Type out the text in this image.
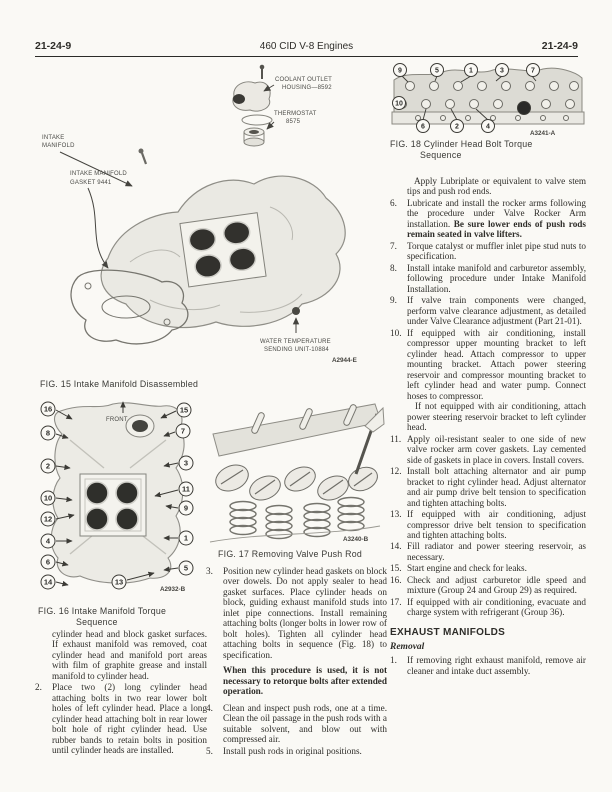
21-24-9	460 CID V-8 Engines	21-24-9
COOLANT OUTLET
HOUSING—8592
THERMOSTAT
8575
INTAKE
MANIFOLD
INTAKE MANIFOLD
GASKET 9441
WATER TEMPERATURE
SENDING UNIT-10884
A2944-E
FIG. 15 Intake Manifold Disassembled
FRONT
16
8
2
10
12
4
6
14
15
7
3
11
9
1
5
13
A2932-B
FIG. 16 Intake Manifold Torque
Sequence
A3240-B
FIG. 17 Removing Valve Push Rod
9	5	1	3	7
10
6	2	4
8
A3241-A
FIG. 18 Cylinder Head Bolt Torque
Sequence
cylinder head and block gasket surfaces. If exhaust manifold was removed, coat cylinder head and manifold port areas with film of graphite grease and install manifold to cylinder head.
2.	Place two (2) long cylinder head attaching bolts in two rear lower bolt holes of left cylinder head. Place a long cylinder head attaching bolt in rear lower bolt hole of right cylinder head. Use rubber bands to retain bolts in position until cylinder heads are installed.
3.	Position new cylinder head gaskets on block over dowels. Do not apply sealer to head gasket surfaces. Place cylinder heads on block, guiding exhaust manifold studs into inlet pipe connections. Install remaining attaching bolts (longer bolts in lower row of bolt holes). Tighten all cylinder head attaching bolts in sequence (Fig. 18) to specification.
When this procedure is used, it is not necessary to retorque bolts after extended operation.
4.	Clean and inspect push rods, one at a time. Clean the oil passage in the push rods with a suitable solvent, and blow out with compressed air.
5.	Install push rods in original positions.
Apply Lubriplate or equivalent to valve stem tips and push rod ends.
6.	Lubricate and install the rocker arms following the procedure under Valve Rocker Arm installation. Be sure lower ends of push rods remain seated in valve lifters.
7.	Torque catalyst or muffler inlet pipe stud nuts to specification.
8.	Install intake manifold and carburetor assembly, following procedure under Intake Manifold Installation.
9.	If valve train components were changed, perform valve clearance adjustment, as detailed under Valve Clearance adjustment (Part 21-01).
10. If equipped with air conditioning, install compressor upper mounting bracket to left cylinder head. Attach compressor to upper mounting bracket. Attach power steering reservoir and compressor mounting bracket to left cylinder head and water pump. Connect hoses to compressor.
If not equipped with air conditioning, attach power steering reservoir bracket to left cylinder head.
11. Apply oil-resistant sealer to one side of new valve rocker arm cover gaskets. Lay cemented side of gaskets in place in covers. Install covers.
12. Install bolt attaching alternator and air pump bracket to right cylinder head. Adjust alternator and air pump drive belt tension to specification and tighten attaching bolts.
13. If equipped with air conditioning, adjust compressor drive belt tension to specification and tighten attaching bolts.
14. Fill radiator and power steering reservoir, as necessary.
15. Start engine and check for leaks.
16. Check and adjust carburetor idle speed and mixture (Group 24 and Group 29) as required.
17. If equipped with air conditioning, evacuate and charge system with refrigerant (Group 36).
EXHAUST MANIFOLDS
Removal
1.	If removing right exhaust manifold, remove air cleaner and intake duct assembly.
